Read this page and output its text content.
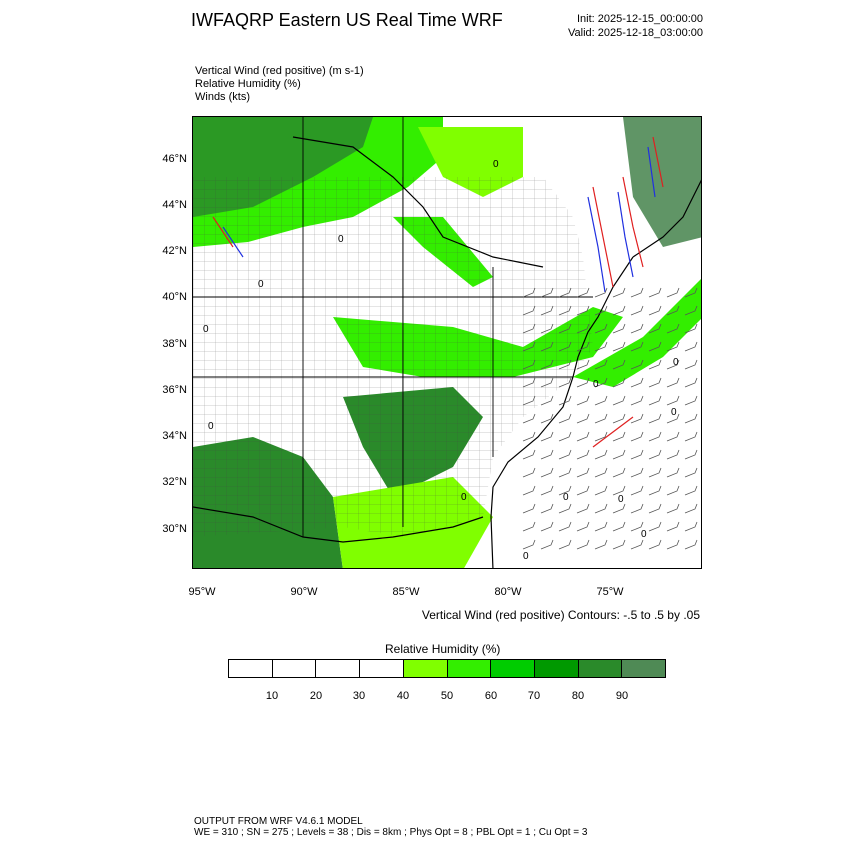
IWFAQRP Eastern US Real Time WRF	Init: 2025-12-15_00:00:00
Valid: 2025-12-18_03:00:00
Vertical Wind (red positive) (m s-1)
Relative Humidity (%)
Winds (kts)
0
0
0
0
0
0
0
0	0
0
0
0
0
46°N
44°N
42°N
40°N
38°N
36°N
34°N
32°N
30°N
95°W	90°W	85°W	80°W	75°W
Vertical Wind (red positive) Contours: -.5 to .5 by .05
Relative Humidity (%)
10	20	30	40	50	60	70	80	90
OUTPUT FROM WRF V4.6.1 MODEL
WE = 310 ; SN = 275 ; Levels = 38 ; Dis = 8km ; Phys Opt = 8 ; PBL Opt = 1 ; Cu Opt = 3
